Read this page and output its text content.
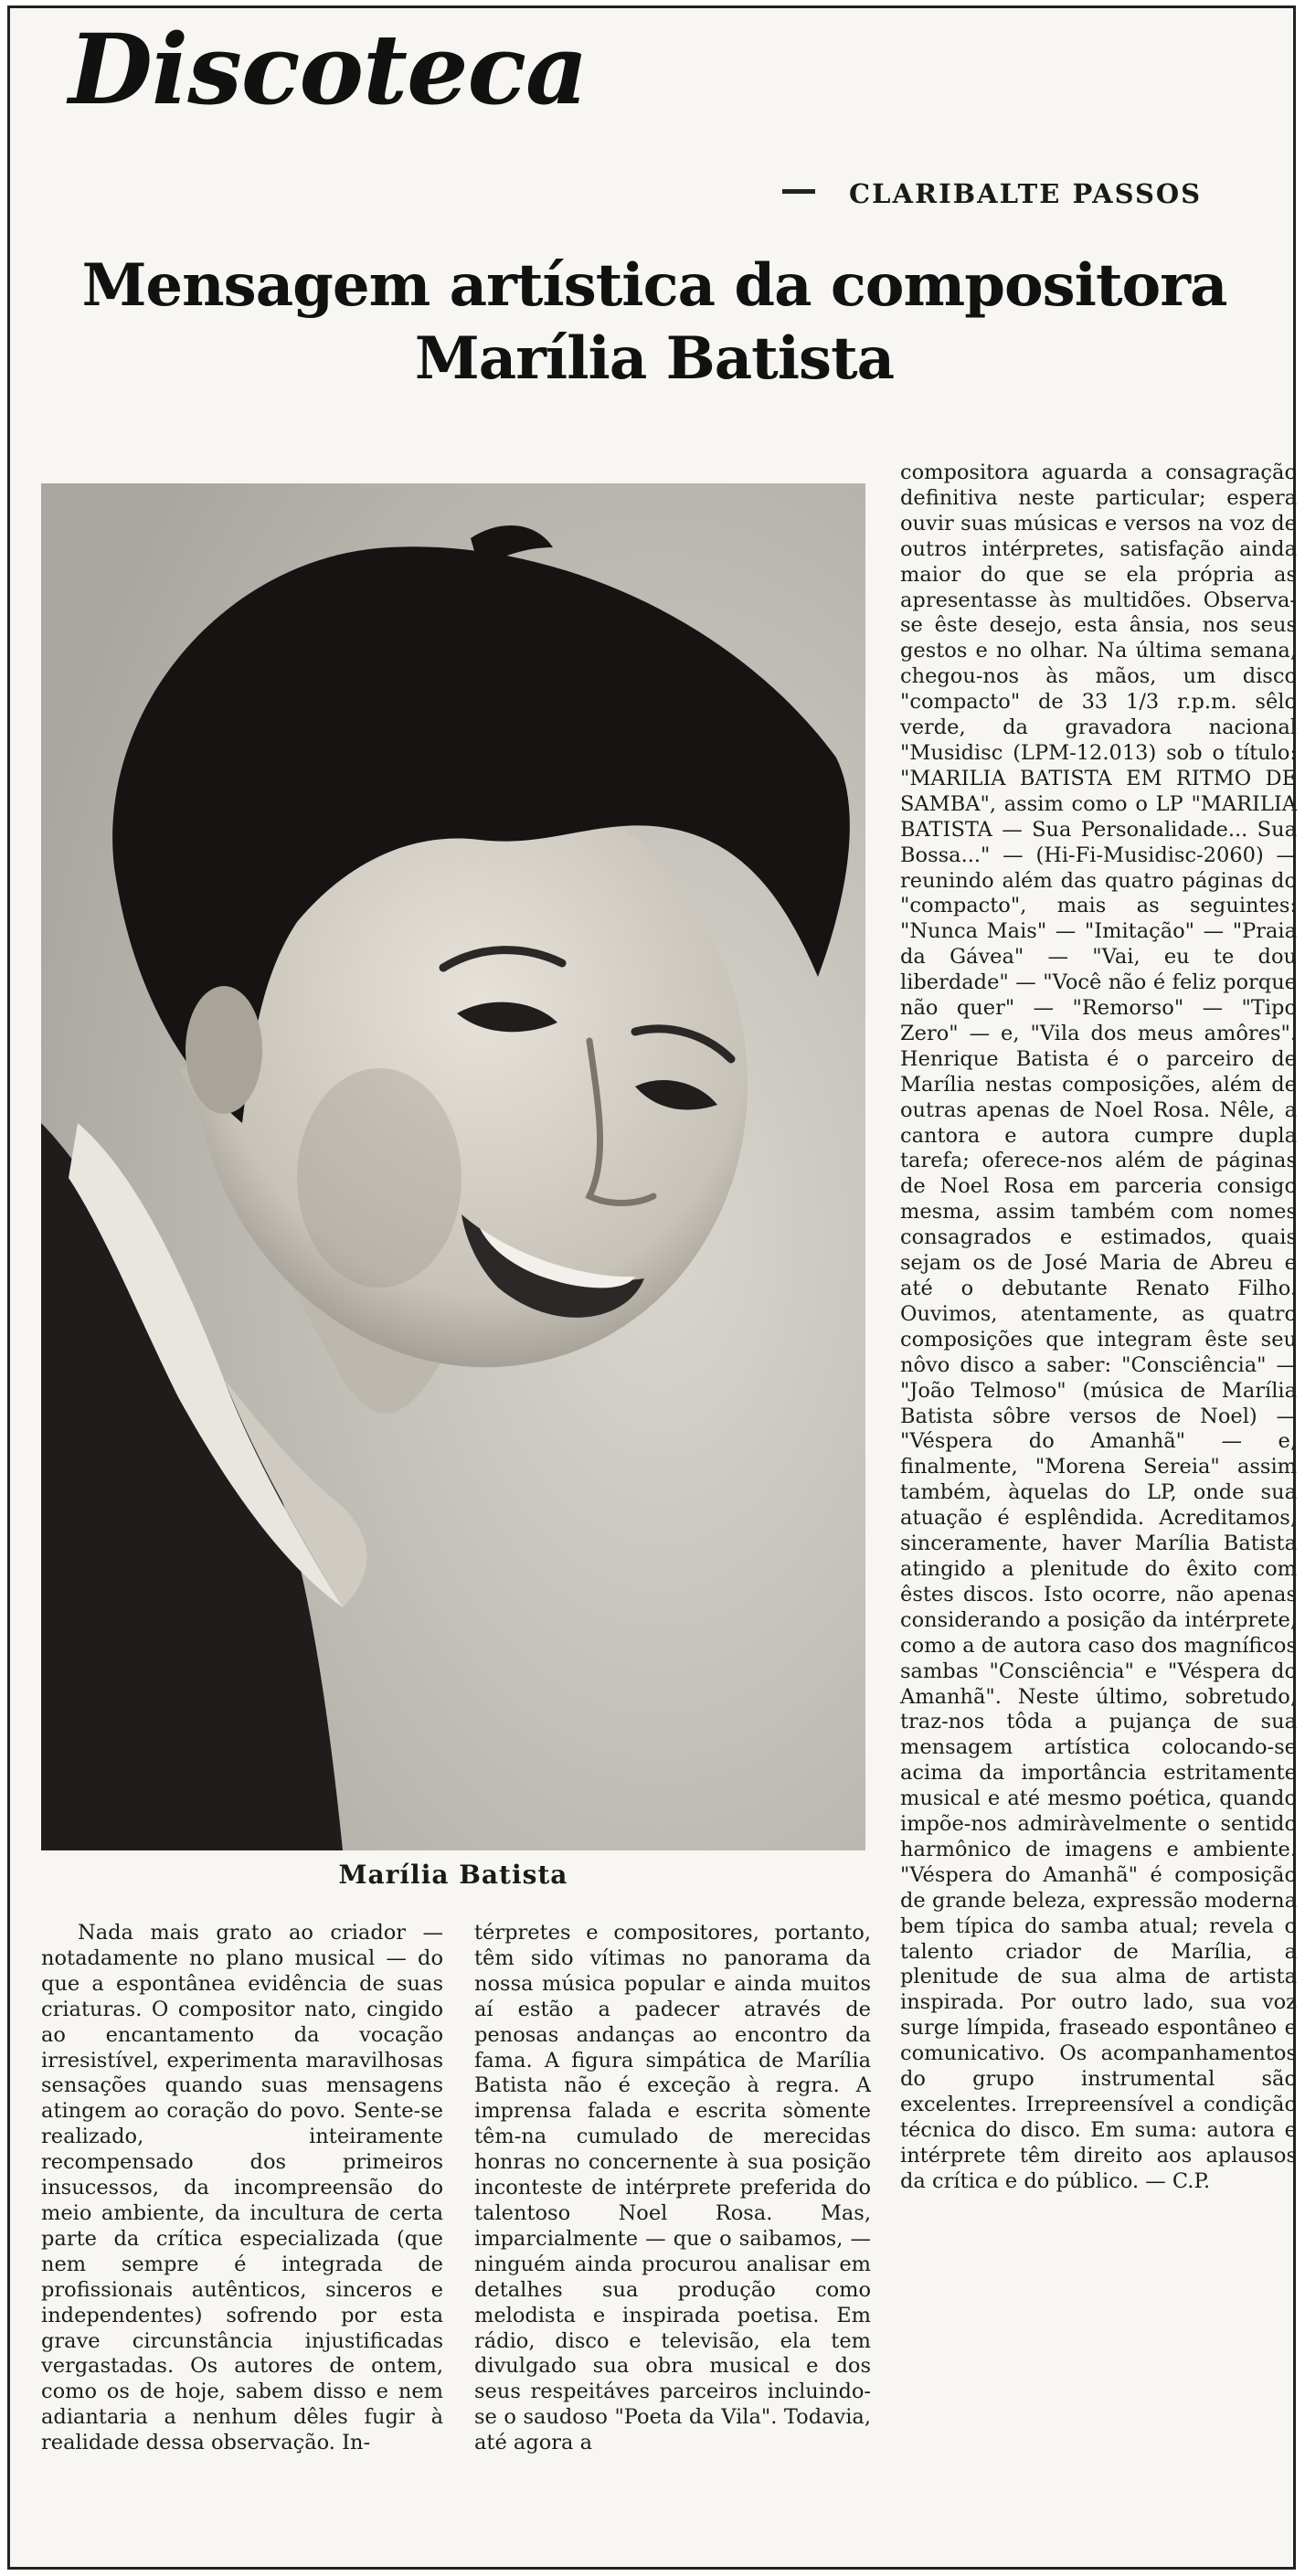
Discoteca
CLARIBALTE PASSOS
Mensagem artística da compositora
Marília Batista
Marília Batista

compositora aguarda a consagração definitiva neste particular; espera ouvir suas músicas e versos na voz de outros intérpretes, satisfação ainda maior do que se ela própria as apresentasse às multidões. Observa-se êste desejo, esta ânsia, nos seus gestos e no olhar. Na última semana, chegou-nos às mãos, um disco "compacto" de 33 1/3 r.p.m. sêlo verde, da gravadora nacional "Musidisc (LPM-12.013) sob o título: "MARILIA BATISTA EM RITMO DE SAMBA", assim como o LP "MARILIA BATISTA — Sua Personalidade... Sua Bossa..." — (Hi-Fi-Musidisc-2060) — reunindo além das quatro páginas do "compacto", mais as seguintes: "Nunca Mais" — "Imitação" — "Praia da Gávea" — "Vai, eu te dou liberdade" — "Você não é feliz porque não quer" — "Remorso" — "Tipo Zero" — e, "Vila dos meus amôres". Henrique Batista é o parceiro de Marília nestas composições, além de outras apenas de Noel Rosa. Nêle, a cantora e autora cumpre dupla tarefa; oferece-nos além de páginas de Noel Rosa em parceria consigo mesma, assim também com nomes consagrados e estimados, quais sejam os de José Maria de Abreu e até o debutante Renato Filho. Ouvimos, atentamente, as quatro composições que integram êste seu nôvo disco a saber: "Consciência" — "João Telmoso" (música de Marília Batista sôbre versos de Noel) — "Véspera do Amanhã" — e, finalmente, "Morena Sereia" assim também, àquelas do LP, onde sua atuação é esplêndida. Acreditamos, sinceramente, haver Marília Batista atingido a plenitude do êxito com êstes discos. Isto ocorre, não apenas considerando a posição da intérprete, como a de autora caso dos magníficos sambas "Consciência" e "Véspera do Amanhã". Neste último, sobretudo, traz-nos tôda a pujança de sua mensagem artística colocando-se acima da importância estritamente musical e até mesmo poética, quando impõe-nos admiràvelmente o sentido harmônico de imagens e ambiente. "Véspera do Amanhã" é composição de grande beleza, expressão moderna bem típica do samba atual; revela o talento criador de Marília, a plenitude de sua alma de artista inspirada. Por outro lado, sua voz surge límpida, fraseado espontâneo e comunicativo. Os acompanhamentos do grupo instrumental são excelentes. Irrepreensível a condição técnica do disco. Em suma: autora e intérprete têm direito aos aplausos da crítica e do público. — C.P.

Nada mais grato ao criador — notadamente no plano musical — do que a espontânea evidência de suas criaturas. O compositor nato, cingido ao encantamento da vocação irresistível, experimenta maravilhosas sensações quando suas mensagens atingem ao coração do povo. Sente-se realizado, inteiramente recompensado dos primeiros insucessos, da incompreensão do meio ambiente, da incultura de certa parte da crítica especializada (que nem sempre é integrada de profissionais autênticos, sinceros e independentes) sofrendo por esta grave circunstância injustificadas vergastadas. Os autores de ontem, como os de hoje, sabem disso e nem adiantaria a nenhum dêles fugir à realidade dessa observação. In-

térpretes e compositores, portanto, têm sido vítimas no panorama da nossa música popular e ainda muitos aí estão a padecer através de penosas andanças ao encontro da fama. A figura simpática de Marília Batista não é exceção à regra. A imprensa falada e escrita sòmente têm-na cumulado de merecidas honras no concernente à sua posição inconteste de intérprete preferida do talentoso Noel Rosa. Mas, imparcialmente — que o saibamos, — ninguém ainda procurou analisar em detalhes sua produção como melodista e inspirada poetisa. Em rádio, disco e televisão, ela tem divulgado sua obra musical e dos seus respeitáves parceiros incluindo-se o saudoso "Poeta da Vila". Todavia, até agora a
